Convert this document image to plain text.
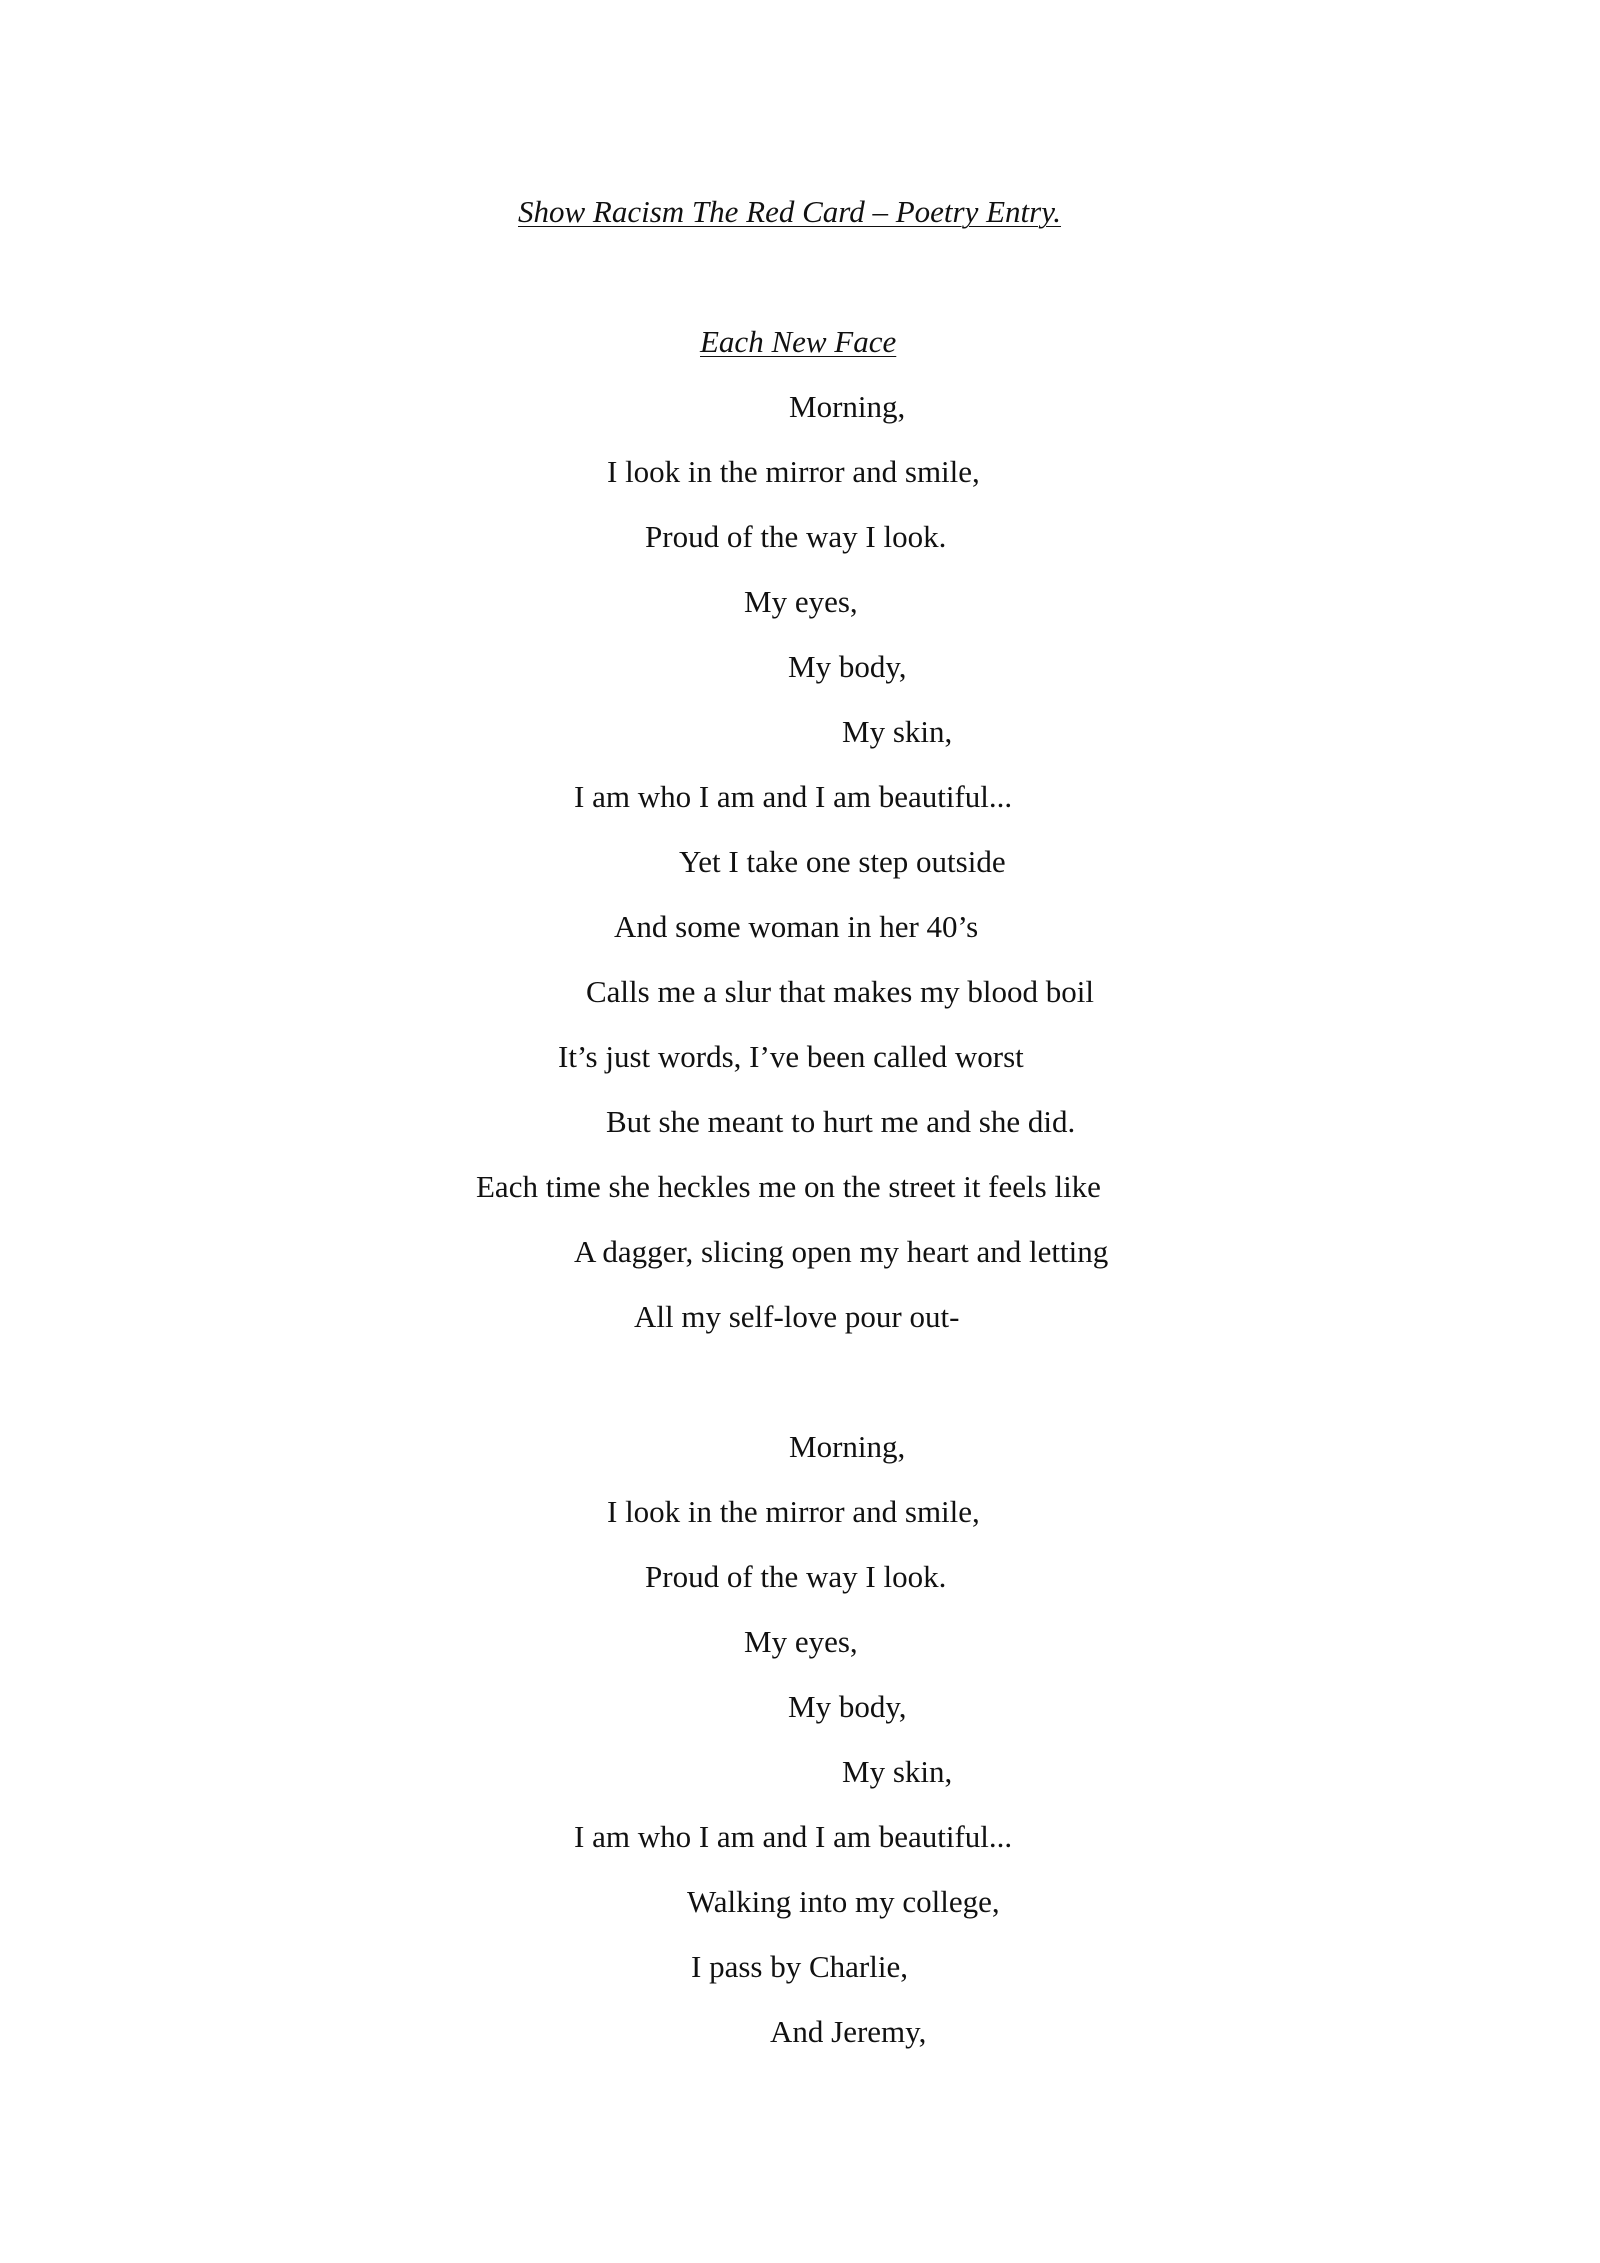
Show Racism The Red Card – Poetry Entry.
Each New Face
Morning,
I look in the mirror and smile,
Proud of the way I look.
My eyes,
My body,
My skin,
I am who I am and I am beautiful...
Yet I take one step outside
And some woman in her 40’s
Calls me a slur that makes my blood boil
It’s just words, I’ve been called worst
But she meant to hurt me and she did.
Each time she heckles me on the street it feels like
A dagger, slicing open my heart and letting
All my self-love pour out-
Morning,
I look in the mirror and smile,
Proud of the way I look.
My eyes,
My body,
My skin,
I am who I am and I am beautiful...
Walking into my college,
I pass by Charlie,
And Jeremy,
